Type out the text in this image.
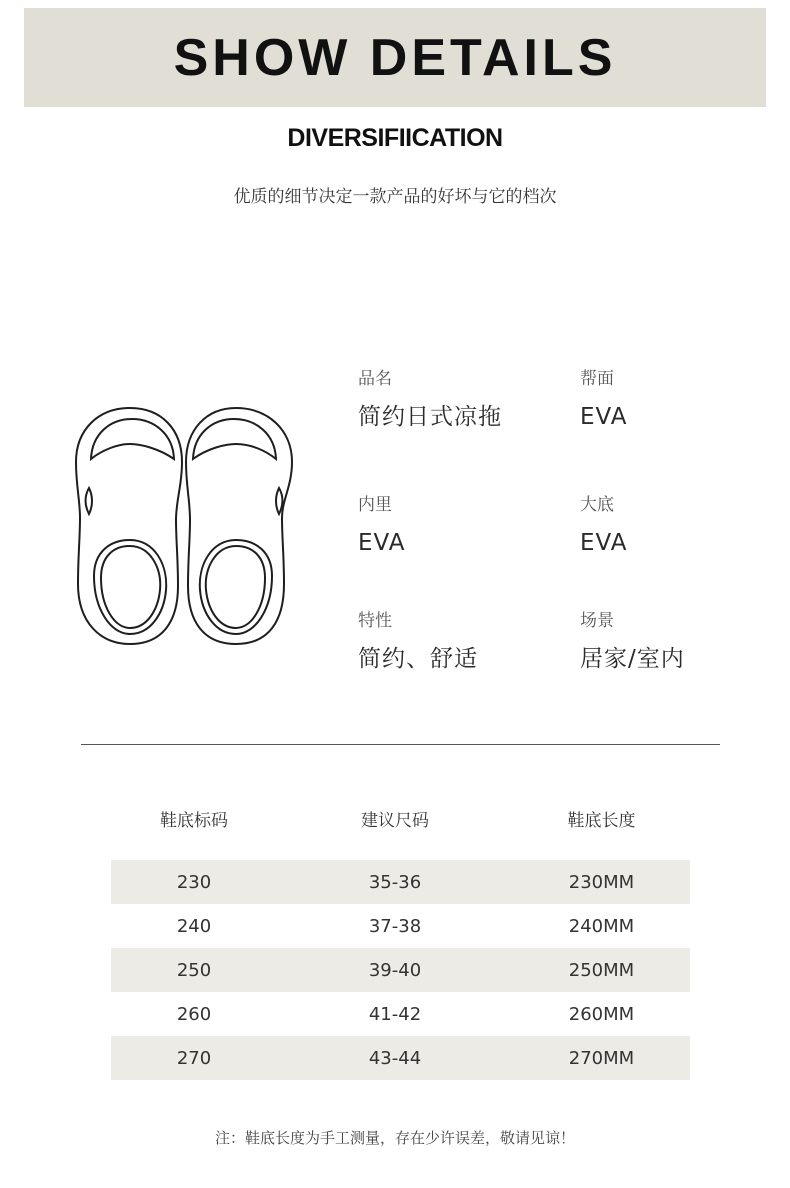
SHOW DETAILS
DIVERSIFIICATION
优质的细节决定一款产品的好坏与它的档次
品名
简约日式凉拖
帮面
EVA
内里
EVA
大底
EVA
特性
简约、舒适
场景
居家/室内
鞋底标码	建议尺码	鞋底长度
230	35-36	230MM
240	37-38	240MM
250	39-40	250MM
260	41-42	260MM
270	43-44	270MM
注：鞋底长度为手工测量，存在少许误差，敬请见谅！
